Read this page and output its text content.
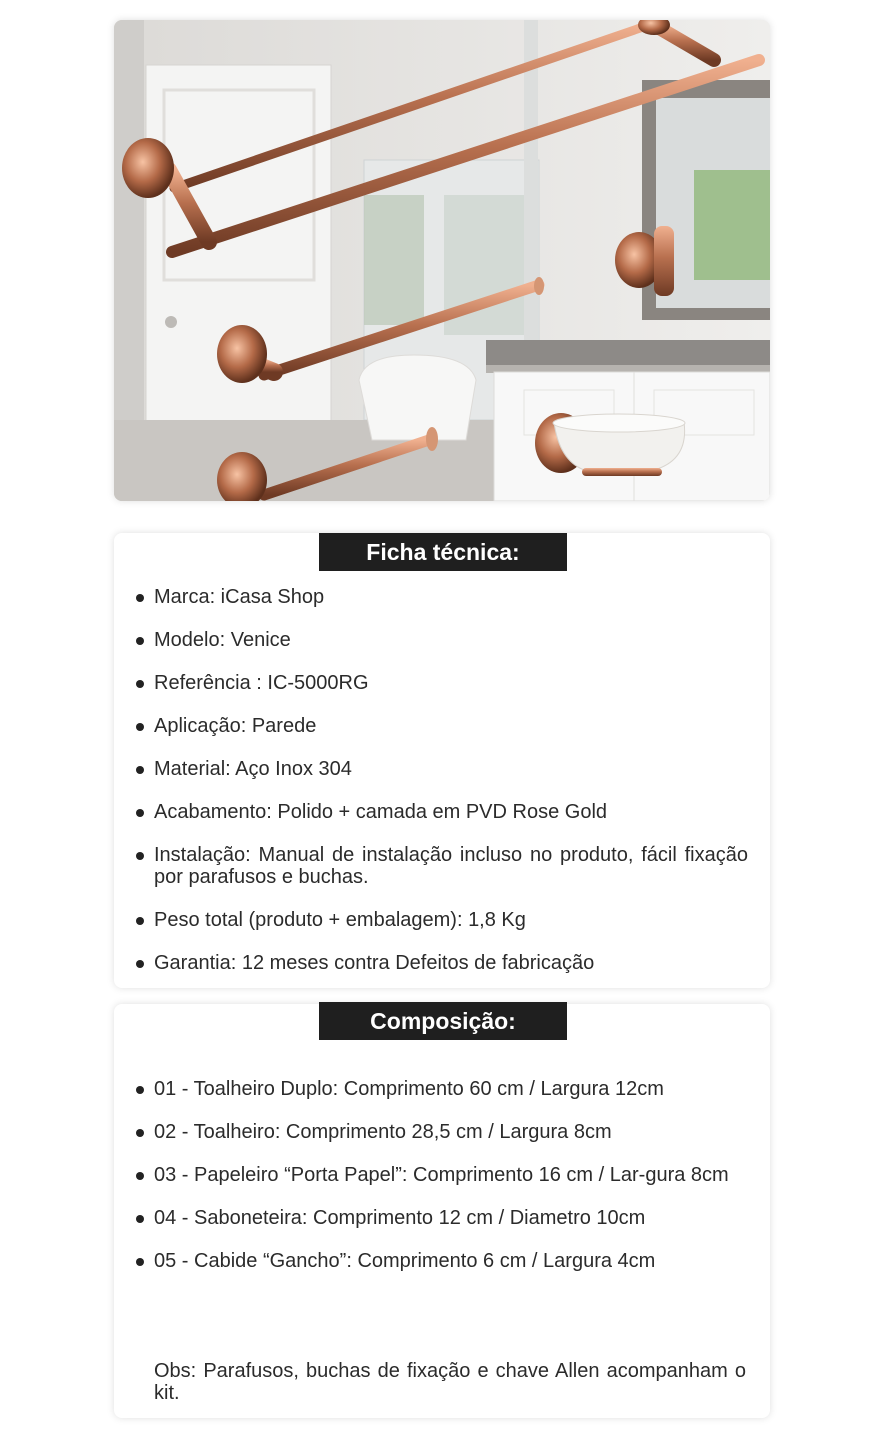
Ficha técnica:
Marca: iCasa Shop
Modelo: Venice
Referência : IC-5000RG
Aplicação: Parede
Material: Aço Inox 304
Acabamento: Polido + camada em PVD Rose Gold
Instalação: Manual de instalação incluso no produto, fácil fixação por parafusos e buchas.
Peso total (produto + embalagem): 1,8 Kg
Garantia: 12 meses contra Defeitos de fabricação
Composição:
01 - Toalheiro Duplo: Comprimento 60 cm / Largura 12cm
02 - Toalheiro: Comprimento 28,5 cm / Largura 8cm
03 - Papeleiro “Porta Papel”: Comprimento 16 cm / Lar-gura 8cm
04 - Saboneteira: Comprimento 12 cm / Diametro 10cm
05 - Cabide “Gancho”: Comprimento 6 cm / Largura 4cm
Obs: Parafusos, buchas de fixação e chave Allen acompanham o kit.
